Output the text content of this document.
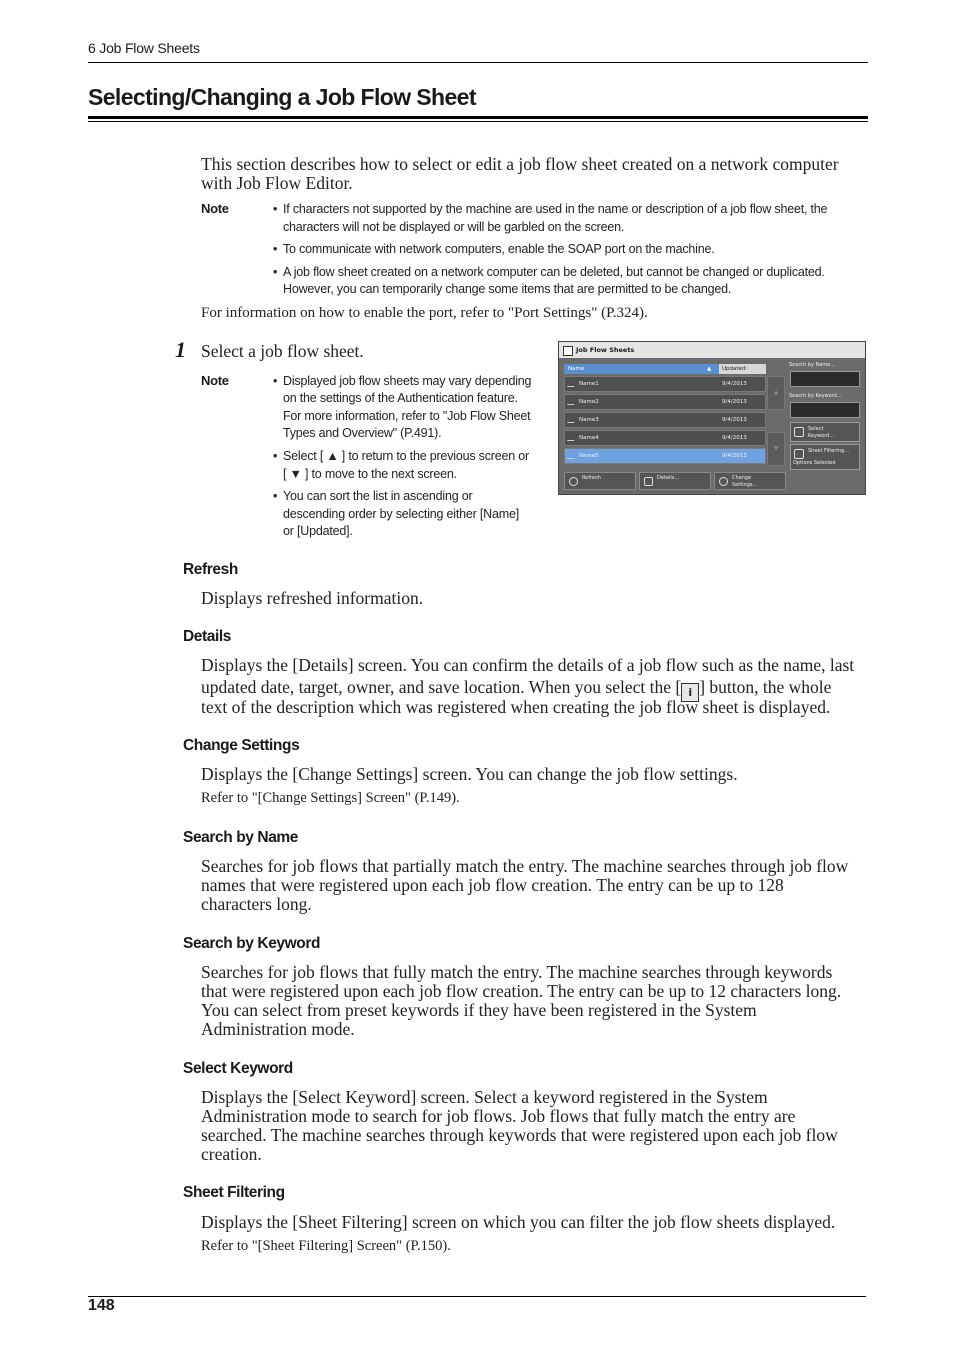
6 Job Flow Sheets
Selecting/Changing a Job Flow Sheet
This section describes how to select or edit a job flow sheet created on a network computer
with Job Flow Editor.
Note	• If characters not supported by the machine are used in the name or description of a job flow sheet, the
characters will not be displayed or will be garbled on the screen.
• To communicate with network computers, enable the SOAP port on the machine.
• A job flow sheet created on a network computer can be deleted, but cannot be changed or duplicated.
However, you can temporarily change some items that are permitted to be changed.
For information on how to enable the port, refer to "Port Settings" (P.324).
1 Select a job flow sheet.
Note	• Displayed job flow sheets may vary depending
on the settings of the Authentication feature.
For more information, refer to "Job Flow Sheet
Types and Overview" (P.491).
• Select [ ▲ ] to return to the previous screen or
[ ▼ ] to move to the next screen.
• You can sort the list in ascending or
descending order by selecting either [Name]
or [Updated].
Job Flow Sheets
Name	▲	Updated:
Name1	9/4/2013
Name2	9/4/2013
Name3	9/4/2013
Name4	9/4/2013
Name5	9/4/2013
▲
▼
Search by Name...
Search by Keyword...
Select
Keyword...
Sheet Filtering...
Options Selected
Refresh	Details...	Change
Settings...
Refresh
Displays refreshed information.
Details
Displays the [Details] screen. You can confirm the details of a job flow such as the name, last
updated date, target, owner, and save location. When you select the [ i ] button, the whole
text of the description which was registered when creating the job flow sheet is displayed.
Change Settings
Displays the [Change Settings] screen. You can change the job flow settings.
Refer to "[Change Settings] Screen" (P.149).
Search by Name
Searches for job flows that partially match the entry. The machine searches through job flow
names that were registered upon each job flow creation. The entry can be up to 128
characters long.
Search by Keyword
Searches for job flows that fully match the entry. The machine searches through keywords
that were registered upon each job flow creation. The entry can be up to 12 characters long.
You can select from preset keywords if they have been registered in the System
Administration mode.
Select Keyword
Displays the [Select Keyword] screen. Select a keyword registered in the System
Administration mode to search for job flows. Job flows that fully match the entry are
searched. The machine searches through keywords that were registered upon each job flow
creation.
Sheet Filtering
Displays the [Sheet Filtering] screen on which you can filter the job flow sheets displayed.
Refer to "[Sheet Filtering] Screen" (P.150).
148
